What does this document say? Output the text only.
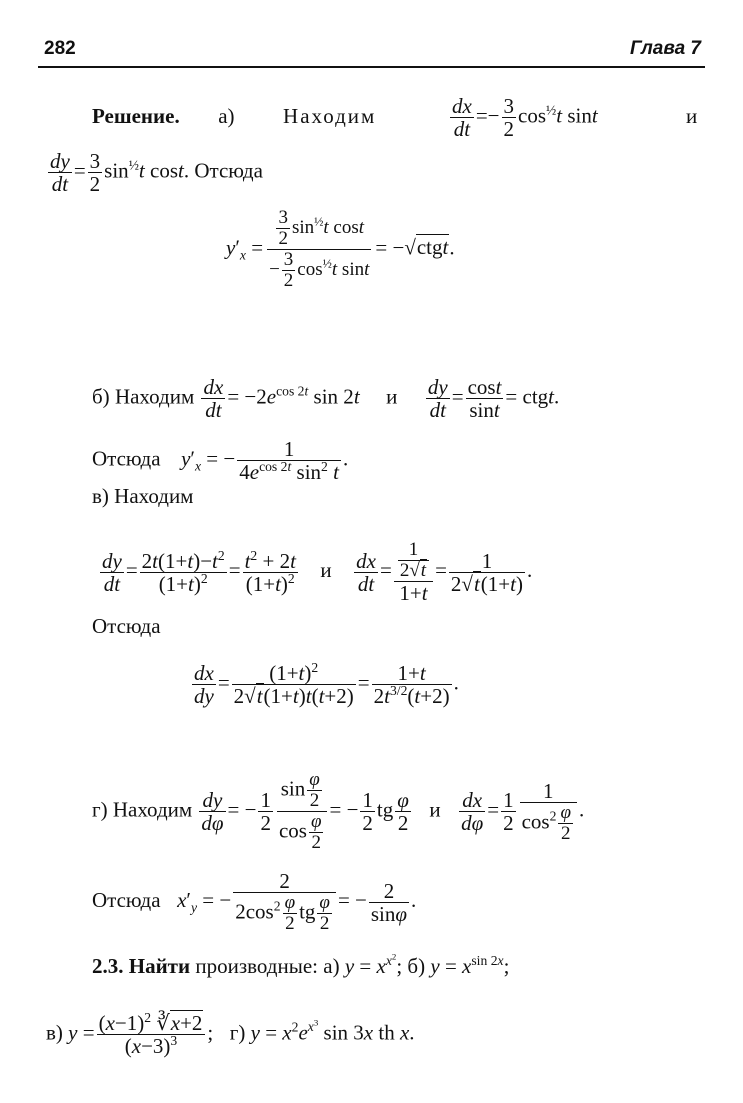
282	Глава 7
Решение. а) Находим	$\frac{dx}{dt} =- \frac{3}{2} \cos^{\frac{1}{2}}t$ sint	и
$\frac{dy}{dt} = \frac{3}{2} \sin^{\frac{1}{2}}t$ cost. Отсюда
$y'_x = \frac{\frac{3}{2} \sin^{\frac{1}{2}}t \cos t}{- \frac{3}{2} \cos^{\frac{1}{2}}t \sin t}$ = −√ctgt.
б) Находим $\frac{dx}{dt} = -2e^{cos 2t}$ sin 2t и $\frac{dy}{dt} = \frac{\cos t}{\sin t}$ = ctgt.
Отсюда $y'_x$ = − $\frac{1}{4e^{cos 2t} \sin^2 t}$ .
в) Находим
$\frac{dy}{dt} = \frac{2t(1+t)-t^2}{(1+t)^2} = \frac{t^2 + 2t}{(1+t)^2}$ и $\frac{dx}{dt} = \frac{\frac{1}{2√t}}{1+t} = \frac{1}{2√t(1+t)}$ .
Отсюда
$\frac{dx}{dy} = \frac{(1+t)^2}{2√t(1+t)t(t+2)} = \frac{1+t}{2t^{3/2}(t+2)}$ .
г) Находим $\frac{dy}{d\varphi}$ = − $\frac{1}{2} \frac{\sin \frac{\varphi}{2}}{\cos \frac{\varphi}{2}}$ = − $\frac{1}{2}$ tg $\frac{\varphi}{2}$ и $\frac{dx}{d\varphi} = \frac{1}{2} \frac{1}{\cos^2 \frac{\varphi}{2}}$ .
Отсюда $x'_y$ = −
2
$2\cos^2 \frac{\varphi}{2}$ tg $\frac{\varphi}{2}$ = − $\frac{2}{\sin\varphi}$ .
2.3. Найти производные: а) $y = x^{x^2}$; б) $y = x^{sin 2x}$;
в) $y = \frac{(x-1)^2 ∛x+2}{(x-3)^3}$ ;  г) $y = x^2e^{x^3}$ sin 3x th x.
